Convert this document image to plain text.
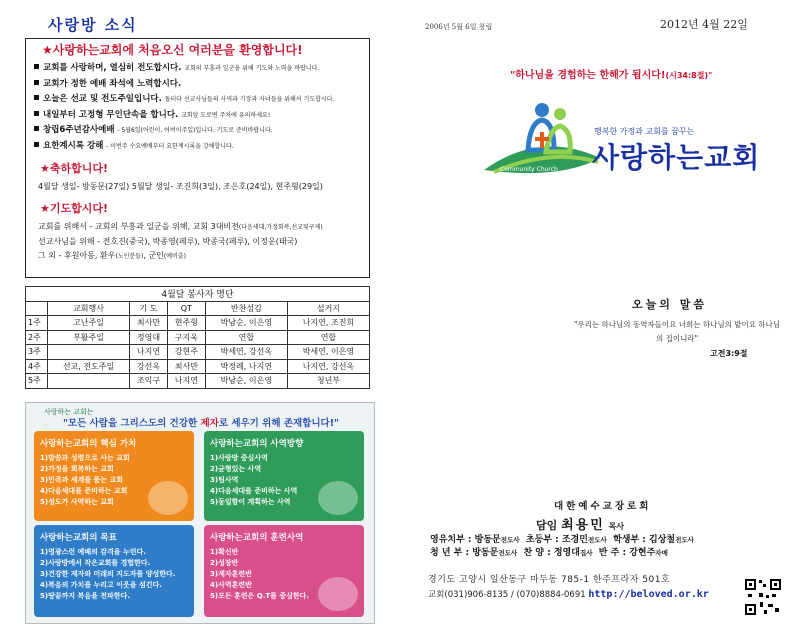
사랑방 소식
★사랑하는교회에 처음오신 여러분을 환영합니다!
교회를 사랑하며, 열심히 전도합시다. 교회의 부흥과 일군을 위해 기도와 노력을 바랍니다.
교회가 정한 예배 좌석에 노력합시다.
오늘은 선교 및 전도주일입니다. 돌터다 선교사님들의 사역과 기장과 자녀들을 위해서 기도합시다.
내일부터 고정형 무인단속을 합니다. 교회앞 도로변 주차에 유의하세요!
창립6주년감사예배 - 5월6일(어린이, 어버이주일)입니다. 기도로 준비바랍니다.
요한계시록 강해 - 이번주 수요예배부터 요한계시록을 강해합니다.
★축하합니다!
4월달 생일- 방동문(27일) 5월달 생일- 조진희(3일), 조은호(24일), 현주형(29일)
★기도합시다!
교회를 위해서 - 교회의 부흥과 일군을 위해, 교회 3대비전(다음세대,가정회복,선교및구제)
선교사님을 위해 - 전호진(중국), 박종영(페루), 박종국(페루), 이정운(태국)
그 외 - 후원아동, 환우(노인분들), 군인(예비출)
4월달 봉사자 명단					
	교회행사	기 도	QT	반찬섬김	설거지
1주	고난주일	최사만	현주형	박남순, 이은영	나지연, 조진희
2주	부활주일	정영대	구지욱	연합	연합
3주		나지연	강현주	박세연, 강선옥	박세연, 이은영
4주	선교, 전도주일	강선옥	최사만	박정례, 나지연	나지연, 강선옥
5주		조익구	나지연	박남순, 이은영	청년부
사랑하는 교회는
"모든 사람을 그리스도의 건강한 제자로 세우기 위해 존재합니다!"
사랑하는교회의 핵심 가치
1)말씀과 성령으로 사는 교회
2)가정을 회복하는 교회
3)민족과 세계를 품는 교회
4)다음세대를 준비하는 교회
5)성도가 사역하는 교회
사랑하는교회의 사역방향
1)사랑방 중심사역
2)균형있는 사역
3)팀사역
4)다음세대를 준비하는 사역
5)동일함이 계획하는 사역
사랑하는교회의 목표
1)영광스런 예배의 감격을 누린다.
2)사랑방에서 작은교회를 경험한다.
3)건강한 제자와 미래의 지도자를 양성한다.
4)복음의 가치를 누리고 이웃을 섬긴다.
5)땅끝까지 복음을 전파한다.
사랑하는교회의 훈련사역
1)확신반
2)성장반
3)제자훈련반
4)사역훈련반
5)모든 훈련은 Q.T를 중심한다.
2006년 5월 6일 창립	2012년 4월 22일
"하나님을 경험하는 한해가 됩시다!(시34:8절)"
행복한 가정과 교회를 꿈꾸는
사랑하는교회
Community Church
오늘의 말씀
"우리는 하나님의 동역자들이요 너희는 하나님의 밭이요 하나님의 집이니라"
고전3:9절
대한예수교장로회
담임 최용민 목사
영유치부 : 방동문전도사 초등부 : 조경민전도사 학생부 : 김상철전도사
청 년 부 : 방동문전도사 찬 양 : 정영대집사 반 주 : 강현주자매
경기도 고양시 일산동구 마두동 785-1 한주프라자 501호
교회(031)906-8135 / (070)8884-0691 http://beloved.or.kr
